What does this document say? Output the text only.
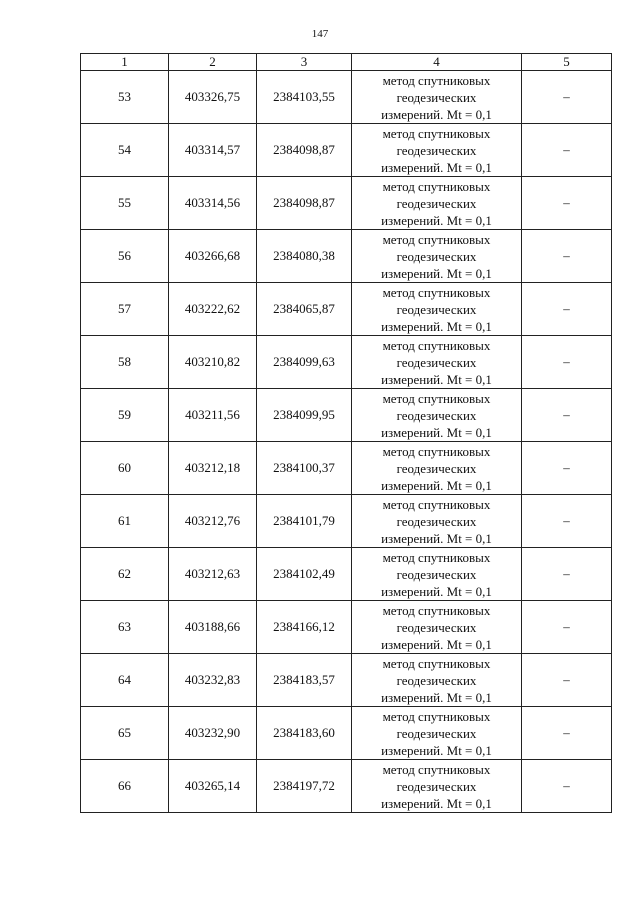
147
1	2	3	4	5
53	403326,75	2384103,55	метод спутниковых
геодезических
измерений. Mt = 0,1	–
54	403314,57	2384098,87	метод спутниковых
геодезических
измерений. Mt = 0,1	–
55	403314,56	2384098,87	метод спутниковых
геодезических
измерений. Mt = 0,1	–
56	403266,68	2384080,38	метод спутниковых
геодезических
измерений. Mt = 0,1	–
57	403222,62	2384065,87	метод спутниковых
геодезических
измерений. Mt = 0,1	–
58	403210,82	2384099,63	метод спутниковых
геодезических
измерений. Mt = 0,1	–
59	403211,56	2384099,95	метод спутниковых
геодезических
измерений. Mt = 0,1	–
60	403212,18	2384100,37	метод спутниковых
геодезических
измерений. Mt = 0,1	–
61	403212,76	2384101,79	метод спутниковых
геодезических
измерений. Mt = 0,1	–
62	403212,63	2384102,49	метод спутниковых
геодезических
измерений. Mt = 0,1	–
63	403188,66	2384166,12	метод спутниковых
геодезических
измерений. Mt = 0,1	–
64	403232,83	2384183,57	метод спутниковых
геодезических
измерений. Mt = 0,1	–
65	403232,90	2384183,60	метод спутниковых
геодезических
измерений. Mt = 0,1	–
66	403265,14	2384197,72	метод спутниковых
геодезических
измерений. Mt = 0,1	–
